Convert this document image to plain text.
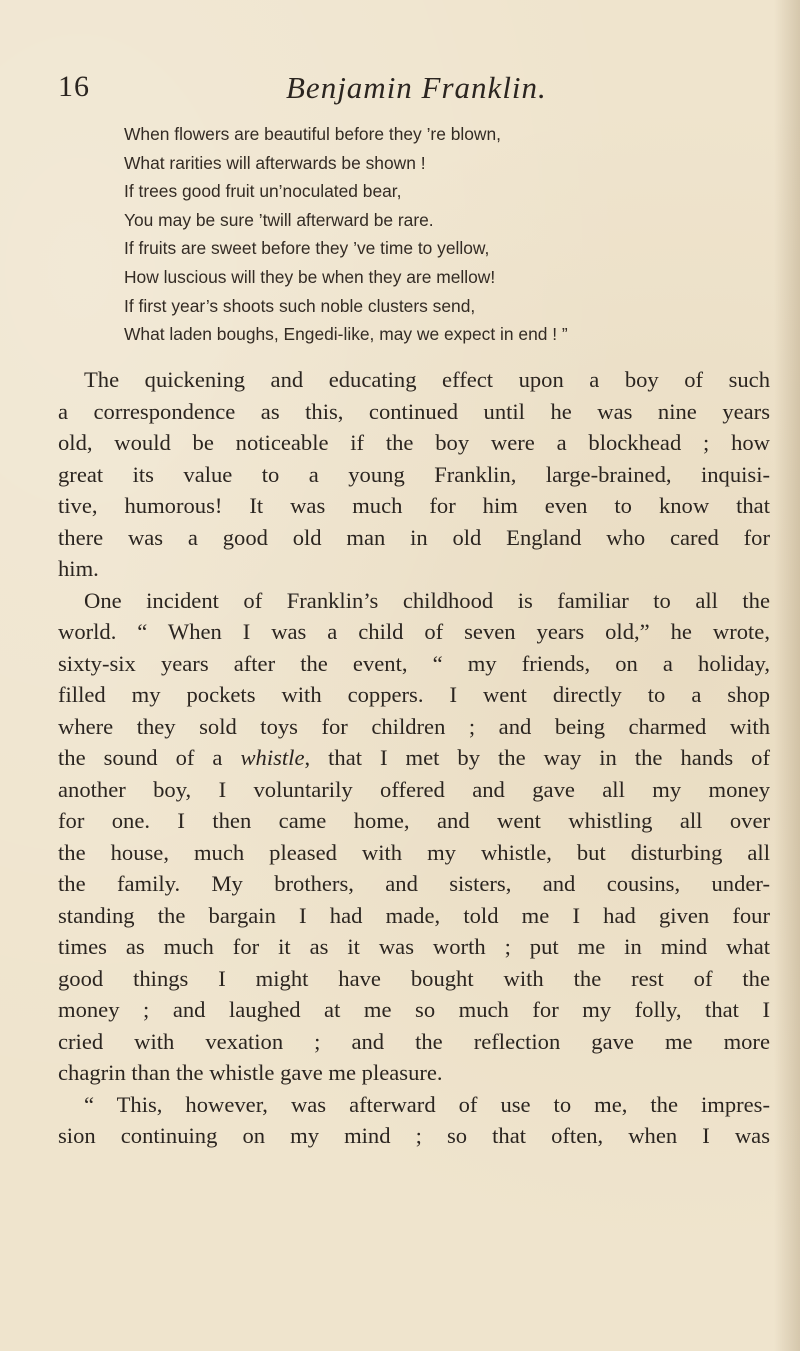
16	Benjamin Franklin.
When flowers are beautiful before they ’re blown,
What rarities will afterwards be shown !
If trees good fruit un’noculated bear,
You may be sure ’twill afterward be rare.
If fruits are sweet before they ’ve time to yellow,
How luscious will they be when they are mellow!
If first year’s shoots such noble clusters send,
What laden boughs, Engedi-like, may we expect in end ! ”
The quickening and educating effect upon a boy of such
a correspondence as this, continued until he was nine years
old, would be noticeable if the boy were a blockhead ; how
great its value to a young Franklin, large-brained, inquisi-
tive, humorous! It was much for him even to know that
there was a good old man in old England who cared for
him.
One incident of Franklin’s childhood is familiar to all the
world. “ When I was a child of seven years old,” he wrote,
sixty-six years after the event, “ my friends, on a holiday,
filled my pockets with coppers. I went directly to a shop
where they sold toys for children ; and being charmed with
the sound of a whistle, that I met by the way in the hands of
another boy, I voluntarily offered and gave all my money
for one. I then came home, and went whistling all over
the house, much pleased with my whistle, but disturbing all
the family. My brothers, and sisters, and cousins, under-
standing the bargain I had made, told me I had given four
times as much for it as it was worth ; put me in mind what
good things I might have bought with the rest of the
money ; and laughed at me so much for my folly, that I
cried with vexation ; and the reflection gave me more
chagrin than the whistle gave me pleasure.
“ This, however, was afterward of use to me, the impres-
sion continuing on my mind ; so that often, when I was
